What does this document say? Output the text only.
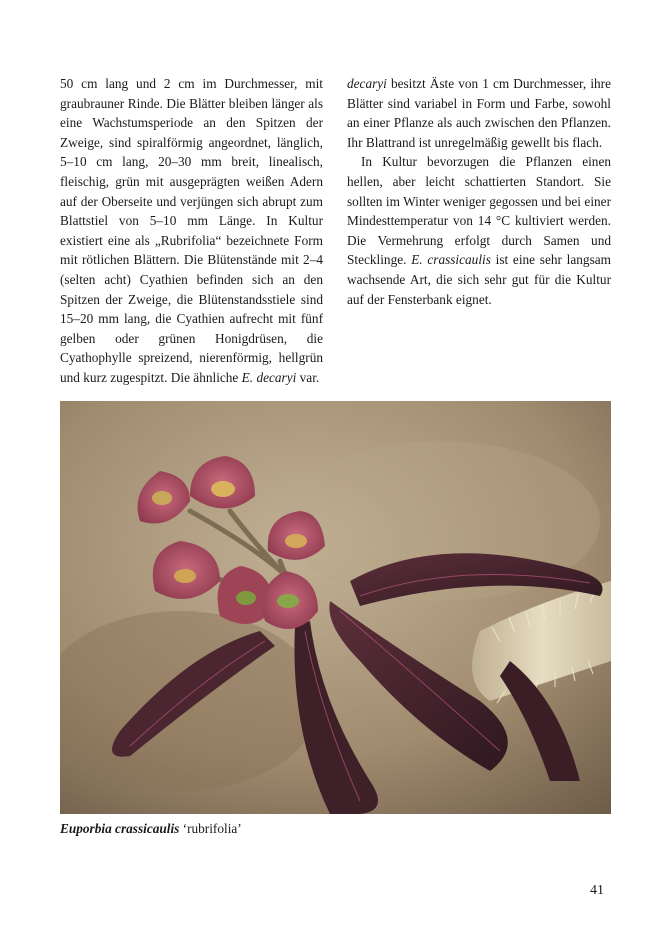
50 cm lang und 2 cm im Durchmesser, mit graubrauner Rinde. Die Blätter bleiben länger als eine Wachstumsperiode an den Spitzen der Zweige, sind spiralförmig angeordnet, länglich, 5–10 cm lang, 20–30 mm breit, linealisch, fleischig, grün mit ausgeprägten weißen Adern auf der Oberseite und verjüngen sich abrupt zum Blattstiel von 5–10 mm Länge. In Kultur existiert eine als „Rubrifolia“ bezeichnete Form mit rötlichen Blättern. Die Blütenstände mit 2–4 (selten acht) Cyathien befinden sich an den Spitzen der Zweige, die Blütenstandsstiele sind 15–20 mm lang, die Cyathien aufrecht mit fünf gelben oder grünen Honigdrüsen, die Cyathophylle spreizend, nierenförmig, hellgrün und kurz zugespitzt. Die ähnliche E. decaryi var.

decaryi besitzt Äste von 1 cm Durchmesser, ihre Blätter sind variabel in Form und Farbe, sowohl an einer Pflanze als auch zwischen den Pflanzen. Ihr Blattrand ist unregelmäßig gewellt bis flach.

In Kultur bevorzugen die Pflanzen einen hellen, aber leicht schattierten Standort. Sie sollten im Winter weniger gegossen und bei einer Mindesttemperatur von 14 °C kultiviert werden. Die Vermehrung erfolgt durch Samen und Stecklinge. E. crassicaulis ist eine sehr langsam wachsende Art, die sich sehr gut für die Kultur auf der Fensterbank eignet.

Euporbia crassicaulis ‘rubrifolia’
41
